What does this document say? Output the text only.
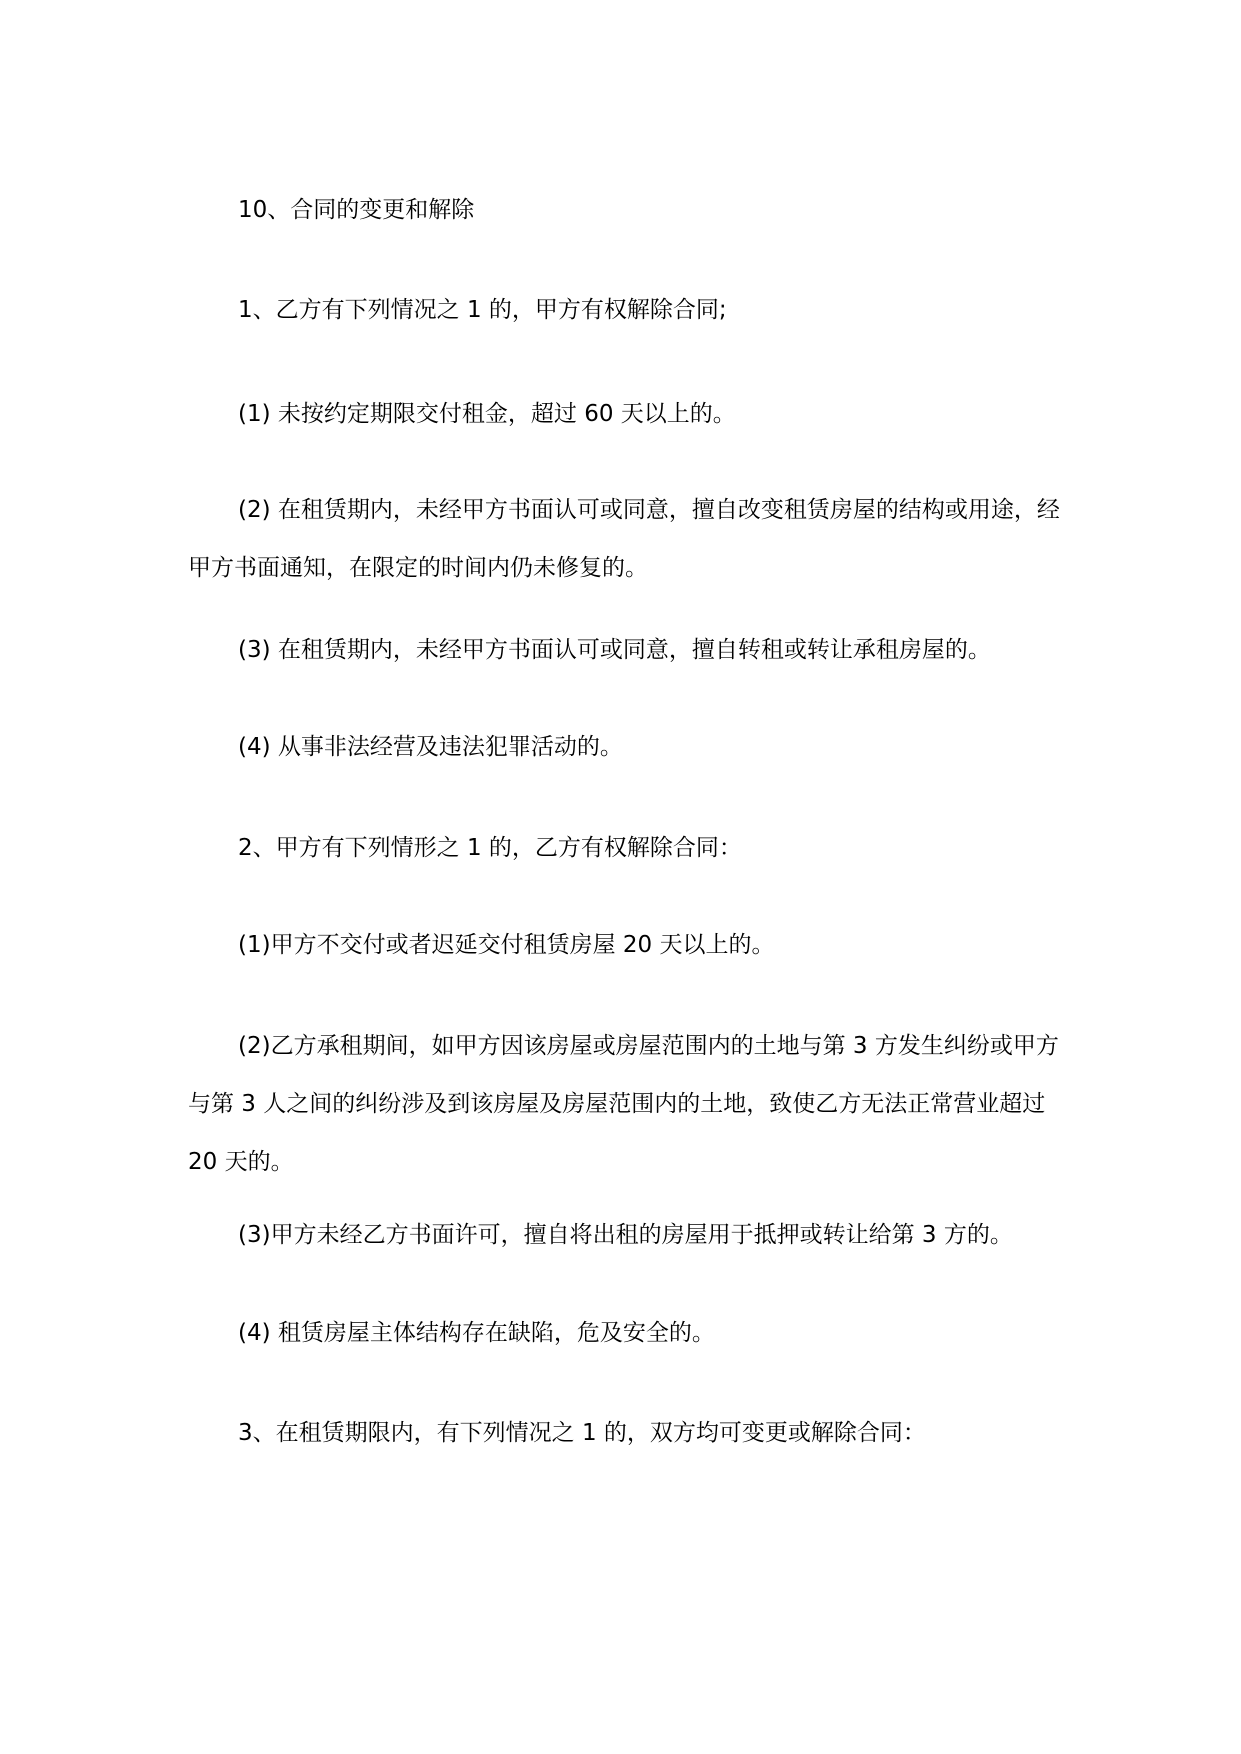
10、合同的变更和解除

1、乙方有下列情况之 1 的，甲方有权解除合同;

(1) 未按约定期限交付租金，超过 60 天以上的。

(2) 在租赁期内，未经甲方书面认可或同意，擅自改变租赁房屋的结构或用途，经甲方书面通知，在限定的时间内仍未修复的。

(3) 在租赁期内，未经甲方书面认可或同意，擅自转租或转让承租房屋的。

(4) 从事非法经营及违法犯罪活动的。

2、甲方有下列情形之 1 的，乙方有权解除合同：

(1)甲方不交付或者迟延交付租赁房屋 20 天以上的。

(2)乙方承租期间，如甲方因该房屋或房屋范围内的土地与第 3 方发生纠纷或甲方与第 3 人之间的纠纷涉及到该房屋及房屋范围内的土地，致使乙方无法正常营业超过 20 天的。

(3)甲方未经乙方书面许可，擅自将出租的房屋用于抵押或转让给第 3 方的。

(4) 租赁房屋主体结构存在缺陷，危及安全的。

3、在租赁期限内，有下列情况之 1 的，双方均可变更或解除合同：
